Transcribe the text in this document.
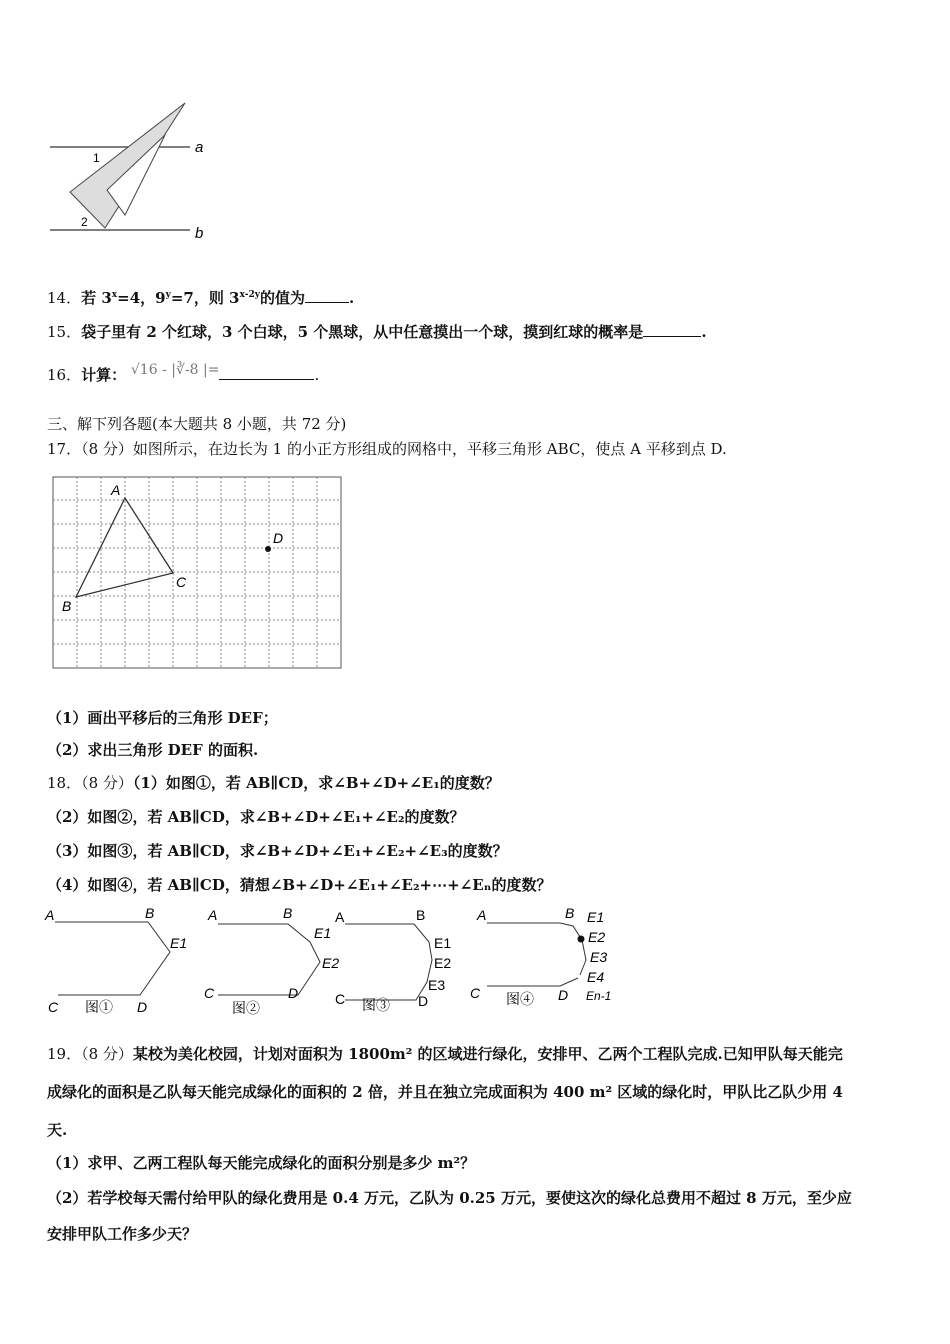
a
b
1
2
14．若 $3^x=4$，$9^y=7$，则 $3^{x-2y}$的值为	.
15．袋子里有 2 个红球，3 个白球，5 个黑球，从中任意摸出一个球，摸到红球的概率是	.
16．计算： √16 - |∛-8 |=	.
三、解下列各题(本大题共 8 小题，共 72 分)
17．（8 分）如图所示，在边长为 1 的小正方形组成的网格中，平移三角形 ABC，使点 A 平移到点 D.
A
B
C
D
（1）画出平移后的三角形 DEF；
（2）求出三角形 DEF 的面积.
18．（8 分）（1）如图①，若 AB∥CD，求∠B+∠D+∠E₁的度数？
（2）如图②，若 AB∥CD，求∠B+∠D+∠E₁+∠E₂的度数？
（3）如图③，若 AB∥CD，求∠B+∠D+∠E₁+∠E₂+∠E₃的度数？
（4）如图④，若 AB∥CD，猜想∠B+∠D+∠E₁+∠E₂+⋯+∠Eₙ的度数？
A	B
E1
C	D
图①
A	B
E1
E2
C	D
图②
A	B
E1
E2
E3
C	D
图③
A	B E1
E2
E3
E4
C	D En-1
图④
19．（8 分）某校为美化校园，计划对面积为 1800m² 的区域进行绿化，安排甲、乙两个工程队完成.已知甲队每天能完
成绿化的面积是乙队每天能完成绿化的面积的 2 倍，并且在独立完成面积为 400 m² 区域的绿化时，甲队比乙队少用 4
天.
（1）求甲、乙两工程队每天能完成绿化的面积分别是多少 m²？
（2）若学校每天需付给甲队的绿化费用是 0.4 万元，乙队为 0.25 万元，要使这次的绿化总费用不超过 8 万元，至少应
安排甲队工作多少天？
